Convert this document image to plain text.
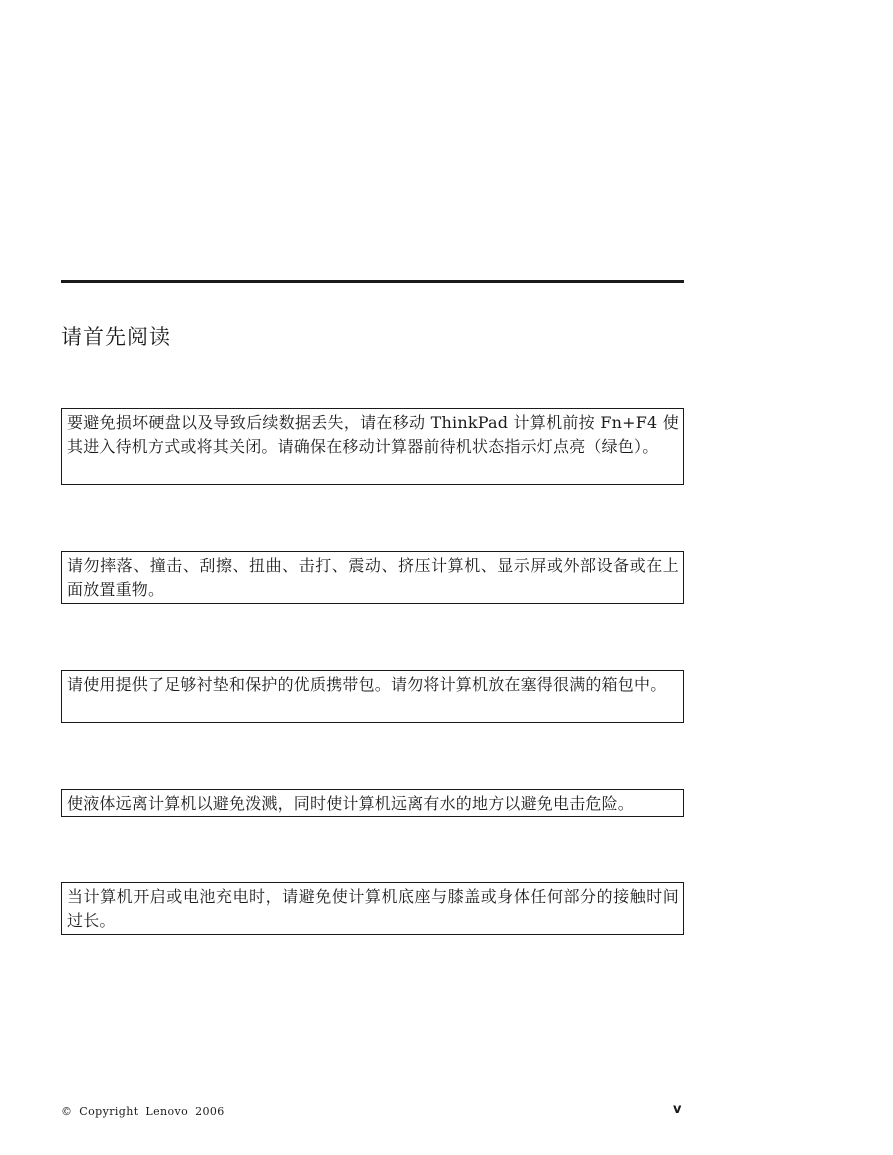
请首先阅读
要避免损坏硬盘以及导致后续数据丢失，请在移动 ThinkPad 计算机前按 Fn+F4 使其进入待机方式或将其关闭。请确保在移动计算器前待机状态指示灯点亮（绿色）。
请勿摔落、撞击、刮擦、扭曲、击打、震动、挤压计算机、显示屏或外部设备或在上面放置重物。
请使用提供了足够衬垫和保护的优质携带包。请勿将计算机放在塞得很满的箱包中。
使液体远离计算机以避免泼溅，同时使计算机远离有水的地方以避免电击危险。
当计算机开启或电池充电时，请避免使计算机底座与膝盖或身体任何部分的接触时间过长。
© Copyright Lenovo 2006	v
